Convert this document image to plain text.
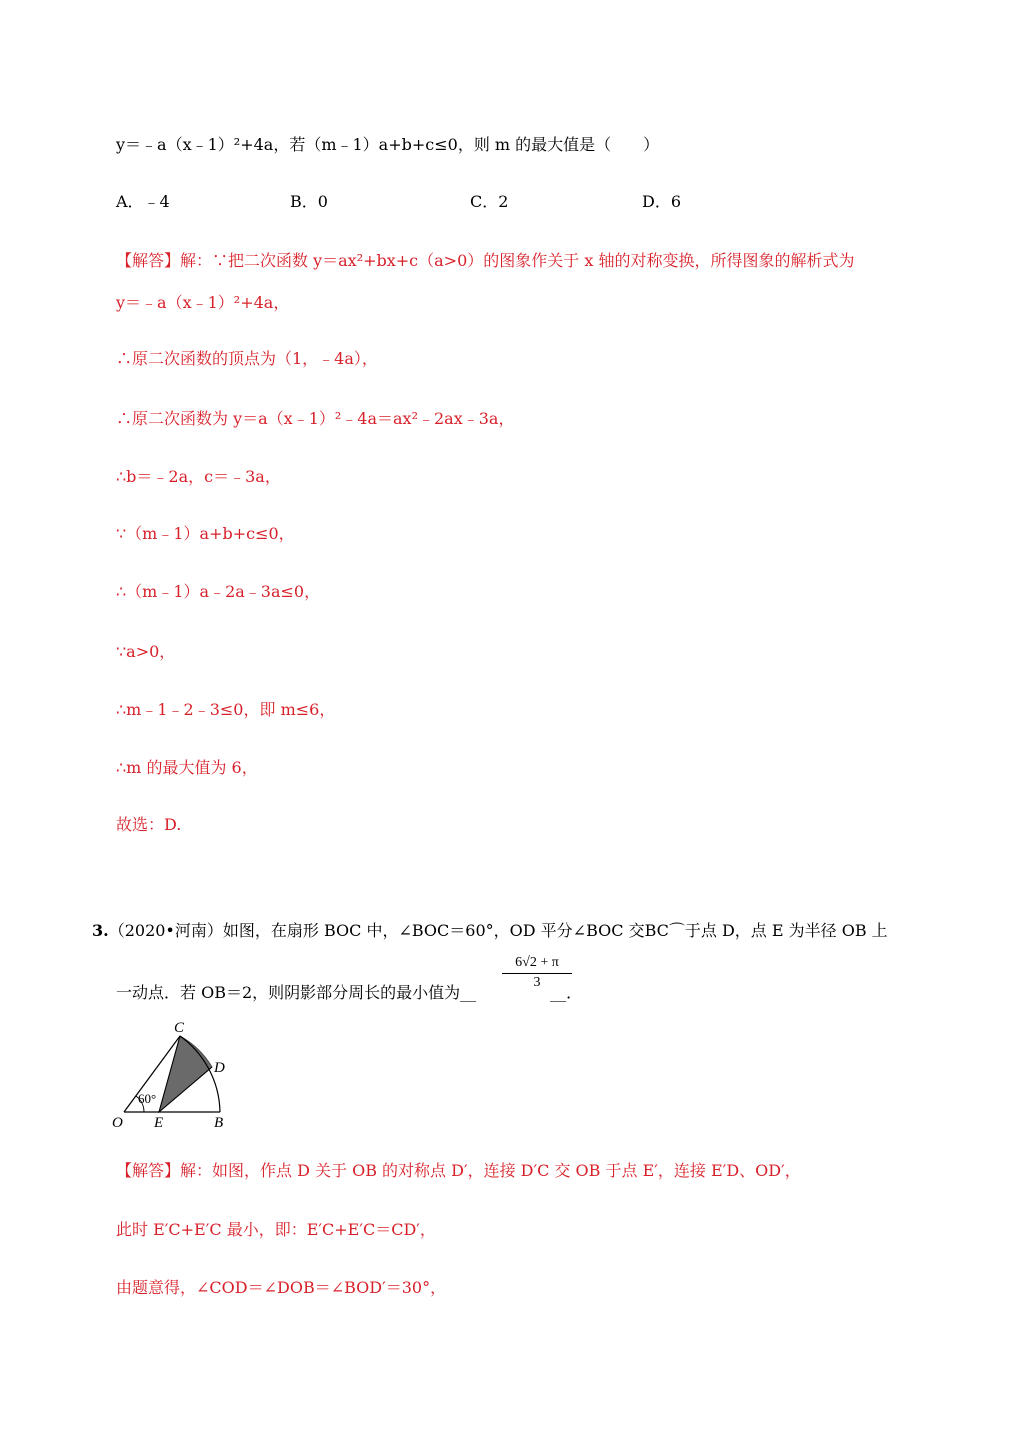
y＝﹣a（x﹣1）²+4a，若（m﹣1）a+b+c≤0，则 m 的最大值是（　　）
A．﹣4	B．0	C．2	D．6
【解答】解：∵把二次函数 y＝ax²+bx+c（a>0）的图象作关于 x 轴的对称变换，所得图象的解析式为
y＝﹣a（x﹣1）²+4a，
∴原二次函数的顶点为（1，﹣4a），
∴原二次函数为 y＝a（x﹣1）²﹣4a＝ax²﹣2ax﹣3a，
∴b＝﹣2a，c＝﹣3a，
∵（m﹣1）a+b+c≤0，
∴（m﹣1）a﹣2a﹣3a≤0，
∵a>0，
∴m﹣1﹣2﹣3≤0，即 m≤6，
∴m 的最大值为 6，
故选：D.
3.（2020•河南）如图，在扇形 BOC 中，∠BOC＝60°，OD 平分∠BOC 交BC⌒于点 D，点 E 为半径 OB 上
$\frac{6√2 + \pi}{3}$
一动点．若 OB＝2，则阴影部分周长的最小值为__	__．
60°
C
D
O E	B
【解答】解：如图，作点 D 关于 OB 的对称点 D′，连接 D′C 交 OB 于点 E′，连接 E′D、OD′，
此时 E′C+E′C 最小，即：E′C+E′C＝CD′，
由题意得，∠COD＝∠DOB＝∠BOD′＝30°，
